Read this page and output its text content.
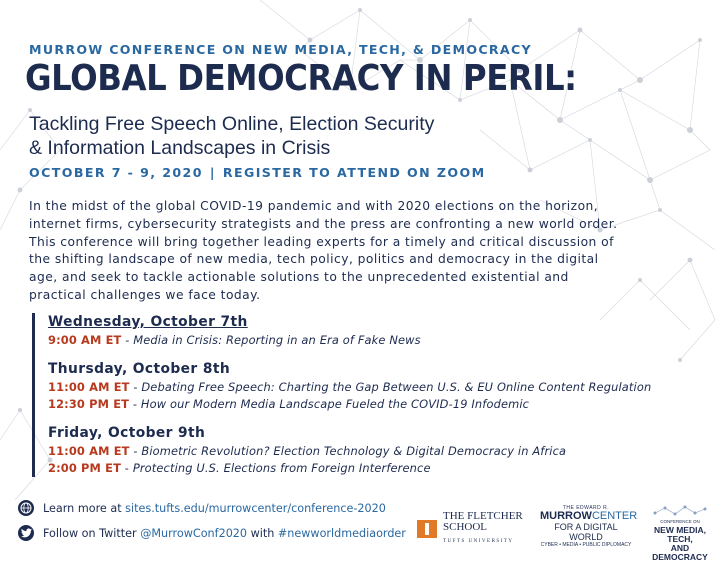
MURROW CONFERENCE ON NEW MEDIA, TECH, & DEMOCRACY
GLOBAL DEMOCRACY IN PERIL:
Tackling Free Speech Online, Election Security
& Information Landscapes in Crisis
OCTOBER 7 - 9, 2020 | REGISTER TO ATTEND ON ZOOM
In the midst of the global COVID-19 pandemic and with 2020 elections on the horizon, internet firms, cybersecurity strategists and the press are confronting a new world order. This conference will bring together leading experts for a timely and critical discussion of the shifting landscape of new media, tech policy, politics and democracy in the digital age, and seek to tackle actionable solutions to the unprecedented existential and practical challenges we face today.
Wednesday, October 7th
9:00 AM ET - Media in Crisis: Reporting in an Era of Fake News
Thursday, October 8th
11:00 AM ET - Debating Free Speech: Charting the Gap Between U.S. & EU Online Content Regulation
12:30 PM ET - How our Modern Media Landscape Fueled the COVID-19 Infodemic
Friday, October 9th
11:00 AM ET - Biometric Revolution? Election Technology & Digital Democracy in Africa
2:00 PM ET - Protecting U.S. Elections from Foreign Interference
Learn more at
sites.tufts.edu/murrowcenter/conference-2020
Follow on Twitter
@MurrowConf2020
with
#newworldmediaorder
THE FLETCHER
SCHOOL
TUFTS UNIVERSITY
THE EDWARD R.
MURROWCENTER
FOR A DIGITAL WORLD
CYBER • MEDIA • PUBLIC DIPLOMACY
CONFERENCE ON
NEW MEDIA, TECH,
AND DEMOCRACY
